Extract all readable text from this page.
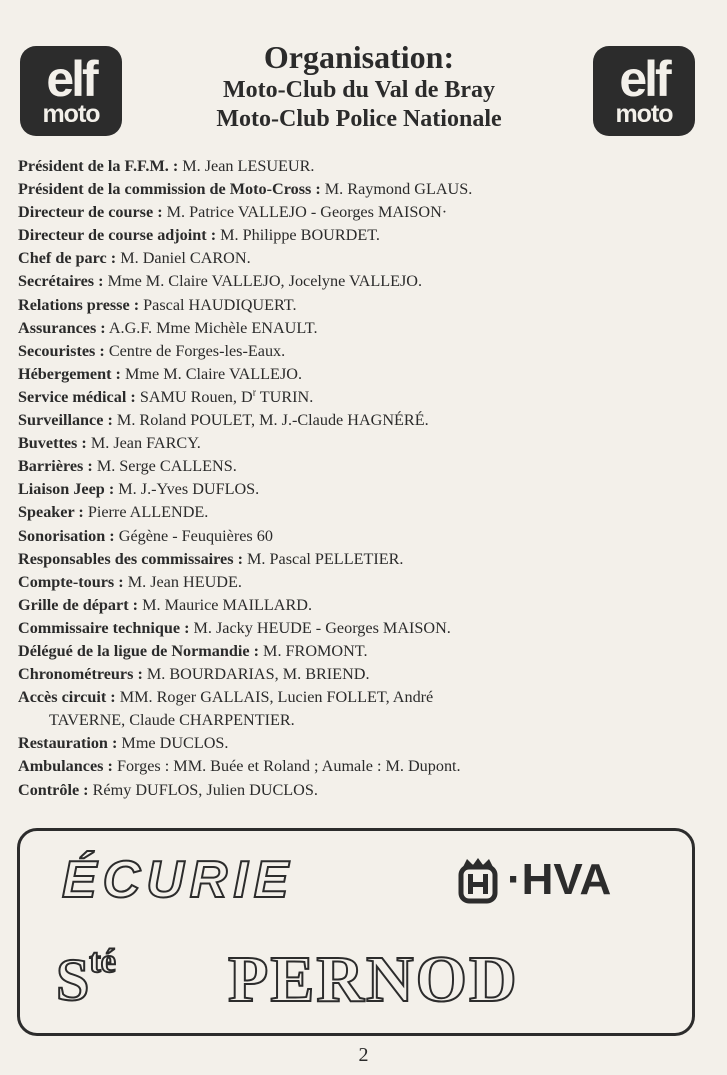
elf
moto
Organisation:
Moto-Club du Val de Bray
Moto-Club Police Nationale
elf
moto
Président de la F.F.M. : M. Jean LESUEUR.
Président de la commission de Moto-Cross : M. Raymond GLAUS.
Directeur de course : M. Patrice VALLEJO - Georges MAISON·
Directeur de course adjoint : M. Philippe BOURDET.
Chef de parc : M. Daniel CARON.
Secrétaires : Mme M. Claire VALLEJO, Jocelyne VALLEJO.
Relations presse : Pascal HAUDIQUERT.
Assurances : A.G.F. Mme Michèle ENAULT.
Secouristes : Centre de Forges-les-Eaux.
Hébergement : Mme M. Claire VALLEJO.
Service médical : SAMU Rouen, $D^r$ TURIN.
Surveillance : M. Roland POULET, M. J.-Claude HAGNÉRÉ.
Buvettes : M. Jean FARCY.
Barrières : M. Serge CALLENS.
Liaison Jeep : M. J.-Yves DUFLOS.
Speaker : Pierre ALLENDE.
Sonorisation : Gégène - Feuquières 60
Responsables des commissaires : M. Pascal PELLETIER.
Compte-tours : M. Jean HEUDE.
Grille de départ : M. Maurice MAILLARD.
Commissaire technique : M. Jacky HEUDE - Georges MAISON.
Délégué de la ligue de Normandie : M. FROMONT.
Chronométreurs : M. BOURDARIAS, M. BRIEND.
Accès circuit : MM. Roger GALLAIS, Lucien FOLLET, André
TAVERNE, Claude CHARPENTIER.
Restauration : Mme DUCLOS.
Ambulances : Forges : MM. Buée et Roland ; Aumale : M. Dupont.
Contrôle : Rémy DUFLOS, Julien DUCLOS.
ÉCURIE	·HVA
$S^{té}$ PERNOD
2
